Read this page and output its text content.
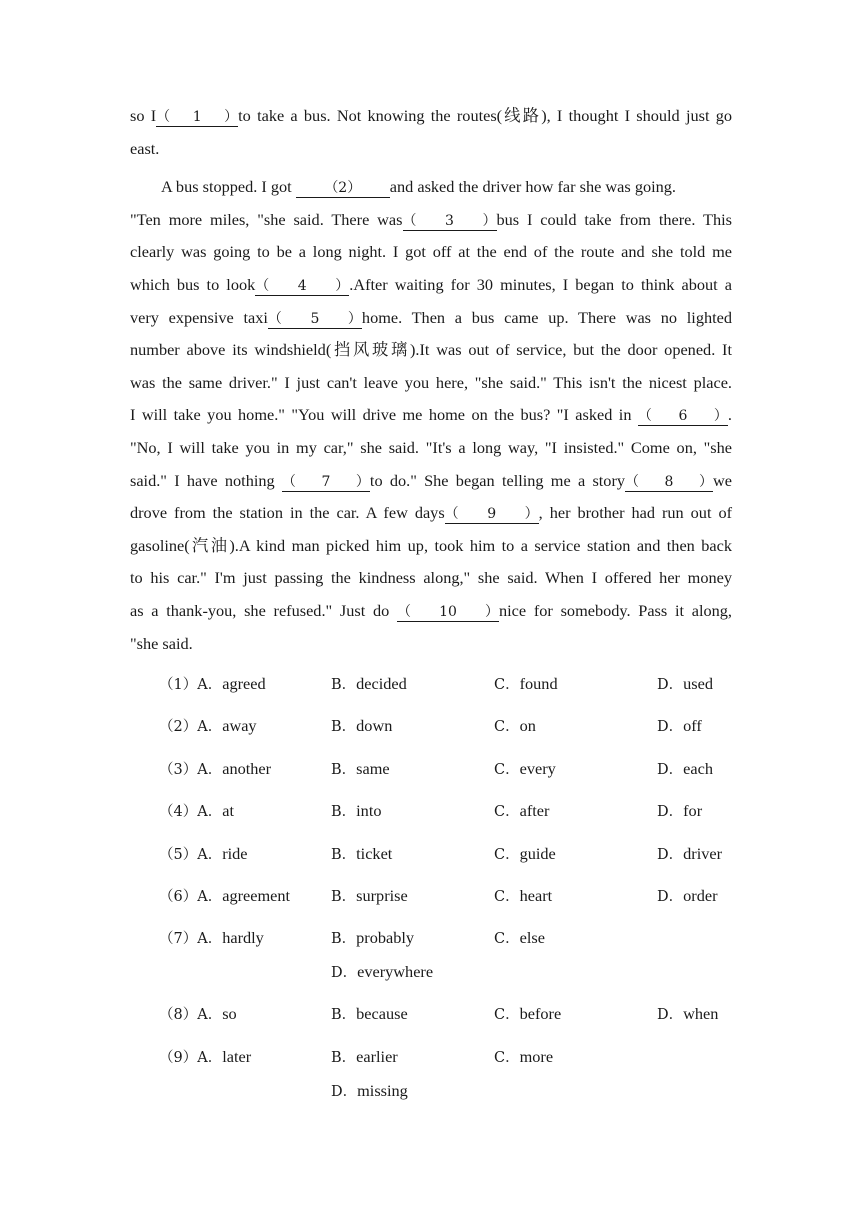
so I（1）to take a bus. Not knowing the routes(线路), I thought I should just go
east.
A bus stopped. I got （2） and asked the driver how far she was going.
"Ten more miles, "she said. There was（3）bus I could take from there. This
clearly was going to be a long night. I got off at the end of the route and she told me
which bus to look（4）.After waiting for 30 minutes, I began to think about a
very expensive taxi（5）home. Then a bus came up. There was no lighted
number above its windshield(挡风玻璃).It was out of service, but the door opened. It
was the same driver." I just can't leave you here, "she said." This isn't the nicest place.
I will take you home." "You will drive me home on the bus? "I asked in （6）.
"No, I will take you in my car," she said. "It's a long way, "I insisted." Come on, "she
said." I have nothing （7）to do." She began telling me a story（8）we
drove from the station in the car. A few days（9）, her brother had run out of
gasoline(汽油).A kind man picked him up, took him to a service station and then back
to his car." I'm just passing the kindness along," she said. When I offered her money
as a thank-you, she refused." Just do （10）nice for somebody. Pass it along,
"she said.
（1）A．agreed	B．decided	C．found	D．used
（2）A．away	B．down	C．on	D．off
（3）A．another	B．same	C．every	D．each
（4）A．at	B．into	C．after	D．for
（5）A．ride	B．ticket	C．guide	D．driver
（6）A．agreement	B．surprise	C．heart	D．order
（7）A．hardly	B．probably	C．else
D．everywhere
（8）A．so	B．because	C．before	D．when
（9）A．later	B．earlier	C．more
D．missing
